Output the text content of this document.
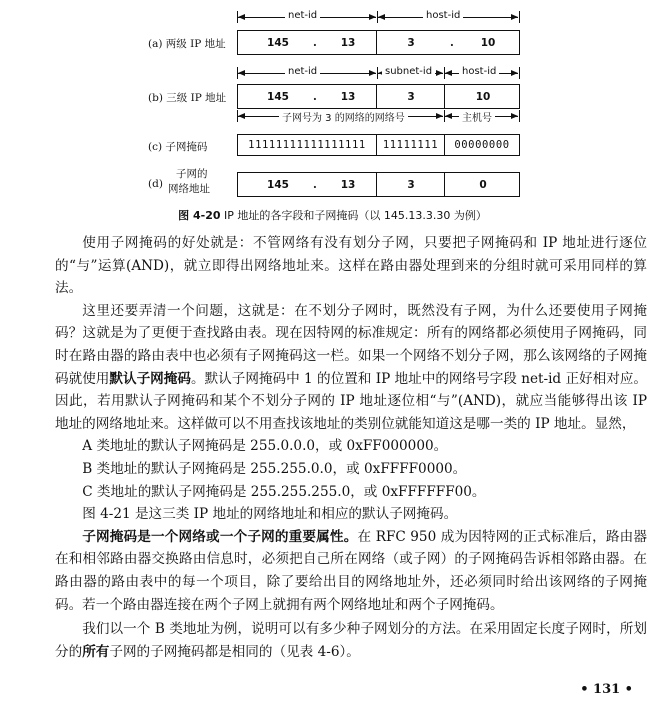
net-id	host-id
(a) 两级 IP 地址	145	.	13	3	.	10
net-id	subnet-id	host-id
(b) 三级 IP 地址	145	.	13	3	10
子网号为 3 的网络的网络号	主机号
(c) 子网掩码	11111111111111111	11111111	00000000
(d)
子网的
网络地址	145	.	13	3	0
图 4-20 IP 地址的各字段和子网掩码（以 145.13.3.30 为例）

使用子网掩码的好处就是：不管网络有没有划分子网，只要把子网掩码和 IP 地址进行逐位的“与”运算(AND)，就立即得出网络地址来。这样在路由器处理到来的分组时就可采用同样的算法。

这里还要弄清一个问题，这就是：在不划分子网时，既然没有子网，为什么还要使用子网掩码？这就是为了更便于查找路由表。现在因特网的标准规定：所有的网络都必须使用子网掩码，同时在路由器的路由表中也必须有子网掩码这一栏。如果一个网络不划分子网，那么该网络的子网掩码就使用默认子网掩码。默认子网掩码中 1 的位置和 IP 地址中的网络号字段 net-id 正好相对应。因此，若用默认子网掩码和某个不划分子网的 IP 地址逐位相“与”(AND)，就应当能够得出该 IP 地址的网络地址来。这样做可以不用查找该地址的类别位就能知道这是哪一类的 IP 地址。显然，

A 类地址的默认子网掩码是 255.0.0.0，或 0xFF000000。

B 类地址的默认子网掩码是 255.255.0.0，或 0xFFFF0000。

C 类地址的默认子网掩码是 255.255.255.0，或 0xFFFFFF00。

图 4-21 是这三类 IP 地址的网络地址和相应的默认子网掩码。

子网掩码是一个网络或一个子网的重要属性。在 RFC 950 成为因特网的正式标准后，路由器在和相邻路由器交换路由信息时，必须把自己所在网络（或子网）的子网掩码告诉相邻路由器。在路由器的路由表中的每一个项目，除了要给出目的网络地址外，还必须同时给出该网络的子网掩码。若一个路由器连接在两个子网上就拥有两个网络地址和两个子网掩码。

我们以一个 B 类地址为例，说明可以有多少种子网划分的方法。在采用固定长度子网时，所划分的所有子网的子网掩码都是相同的（见表 4-6）。

• 131 •
